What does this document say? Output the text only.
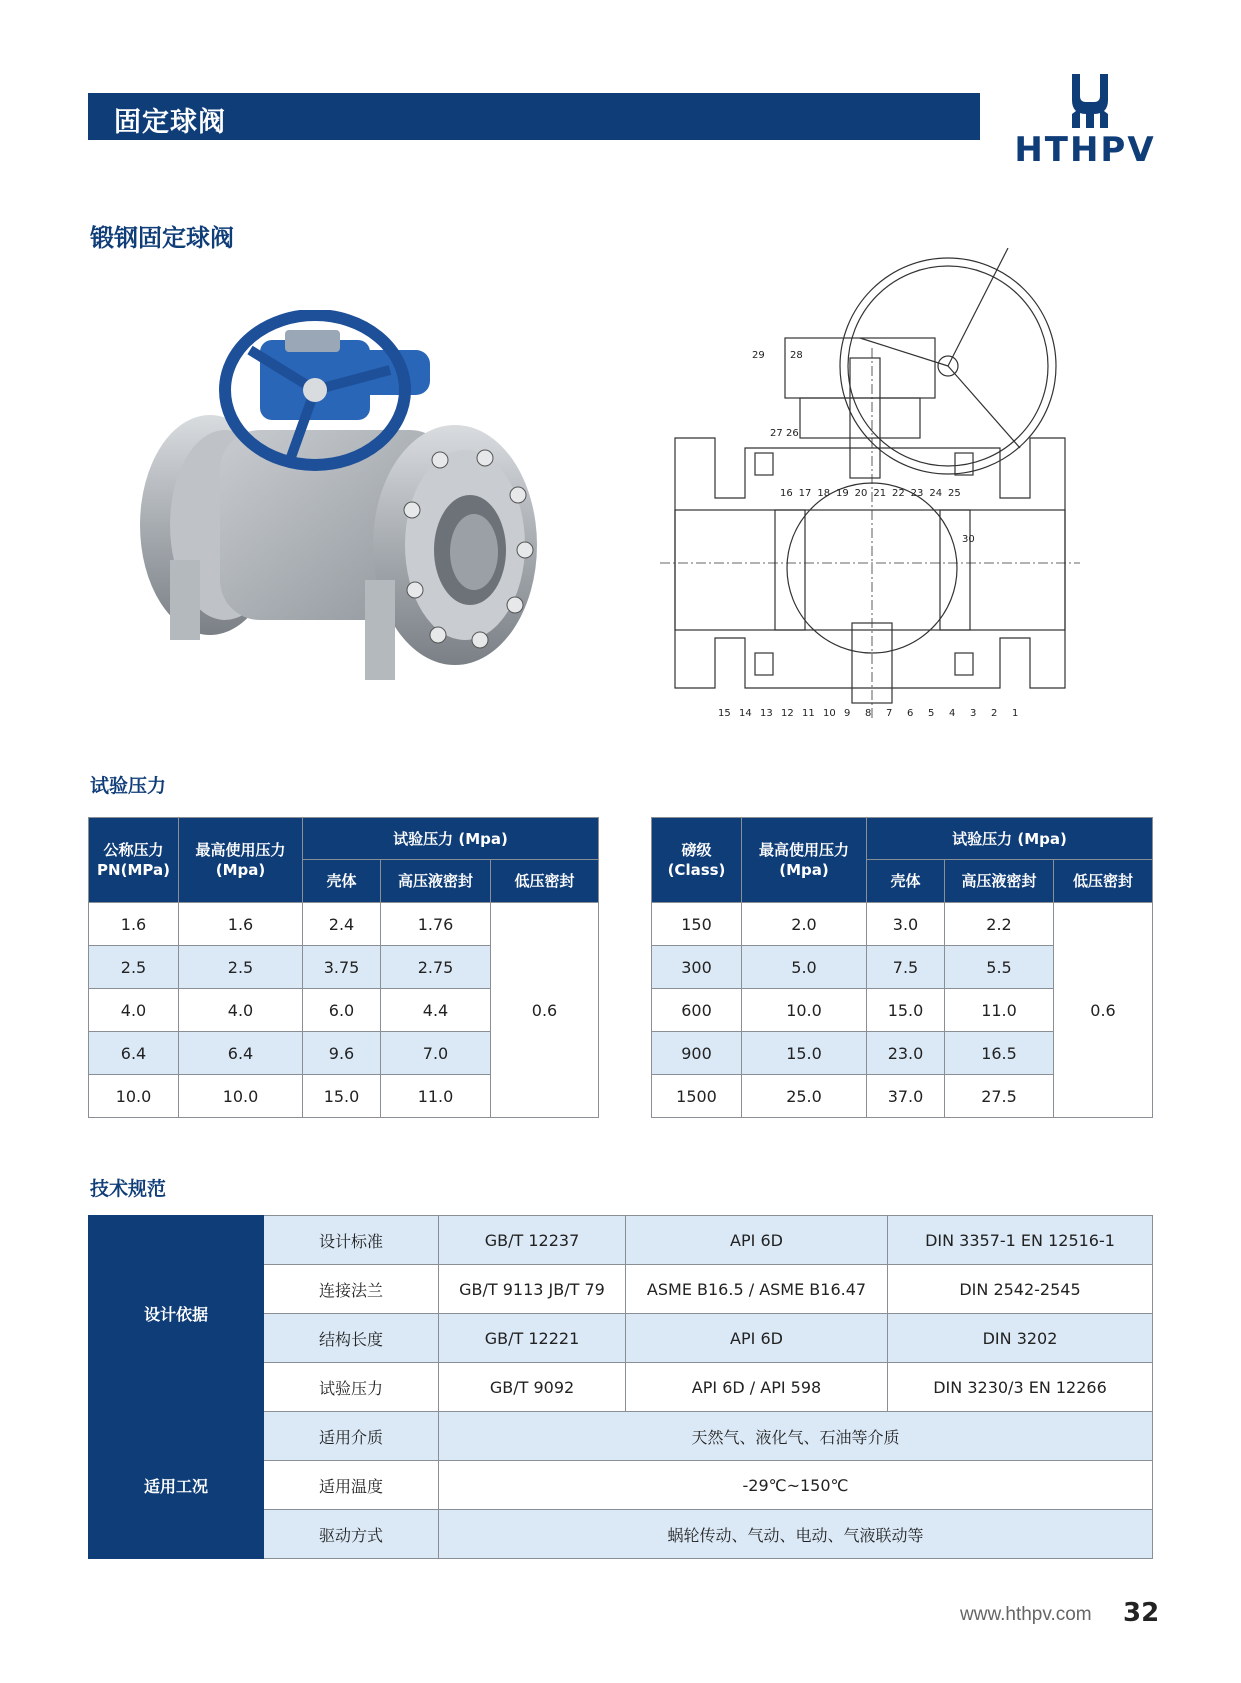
固定球阀
HTHPV
锻钢固定球阀
29	28
27 26
16 17 18 19 20 21 22 23 24 25
30
15 14 13 12 11 10 9 8 7 6 5 4 3 2 1
试验压力
公称压力
PN(MPa)	最高使用压力
(Mpa)	试验压力 (Mpa)		
		壳体	高压液密封	低压密封
1.6	1.6	2.4	1.76	0.6
2.5	2.5	3.75	2.75	
4.0	4.0	6.0	4.4	
6.4	6.4	9.6	7.0	
10.0	10.0	15.0	11.0	
磅级
(Class)	最高使用压力
(Mpa)	试验压力 (Mpa)		
		壳体	高压液密封	低压密封
150	2.0	3.0	2.2	0.6
300	5.0	7.5	5.5	
600	10.0	15.0	11.0	
900	15.0	23.0	16.5	
1500	25.0	37.0	27.5	
技术规范
设计依据	设计标准	GB/T 12237	API 6D	DIN 3357-1 EN 12516-1
	连接法兰	GB/T 9113 JB/T 79	ASME B16.5 / ASME B16.47	DIN 2542-2545
	结构长度	GB/T 12221	API 6D	DIN 3202
	试验压力	GB/T 9092	API 6D / API 598	DIN 3230/3 EN 12266
适用工况	适用介质	天然气、液化气、石油等介质		
	适用温度	-29℃~150℃		
	驱动方式	蜗轮传动、气动、电动、气液联动等		
www.hthpv.com 32
